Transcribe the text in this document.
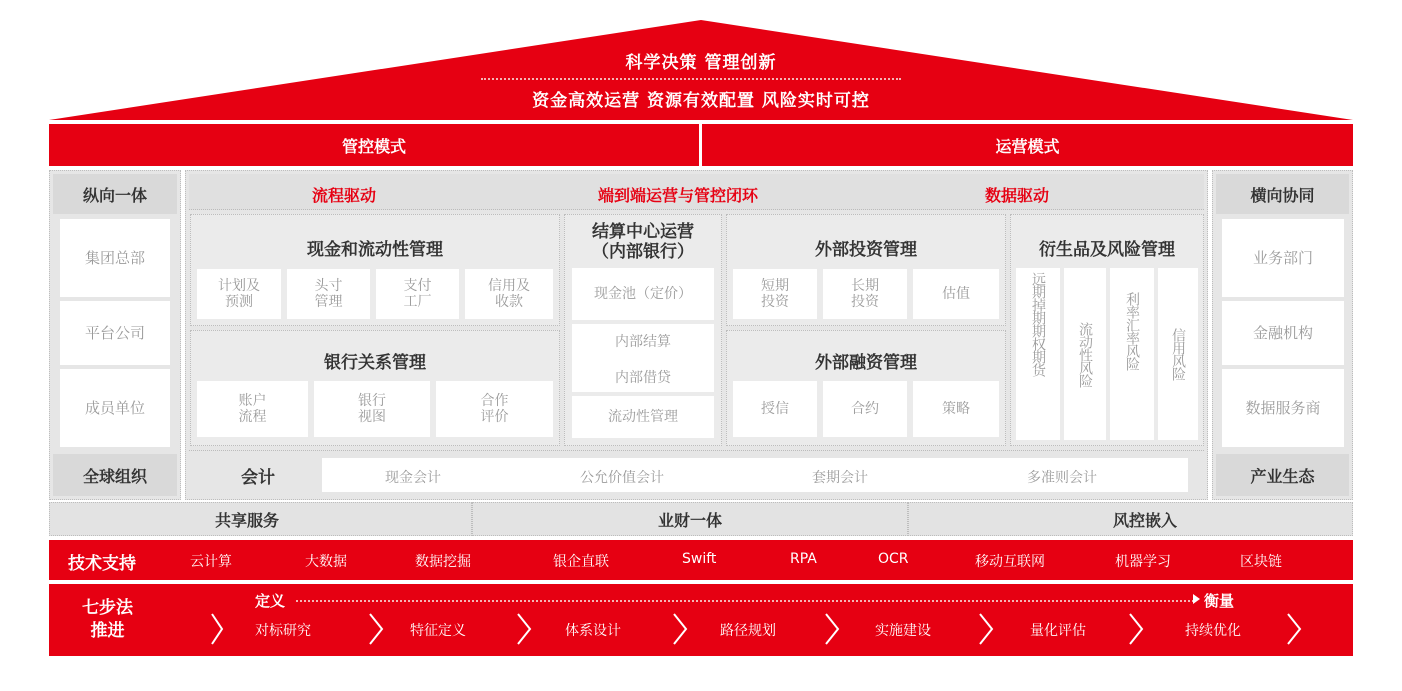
科学决策 管理创新
资金高效运营 资源有效配置 风险实时可控
管控模式	运营模式
纵向一体
集团总部
平台公司
成员单位
全球组织
横向协同
业务部门
金融机构
数据服务商
产业生态
流程驱动	端到端运营与管控闭环	数据驱动
现金和流动性管理
计划及
预测
头寸
管理
支付
工厂
信用及
收款
银行关系管理
账户
流程
银行
视图
合作
评价
结算中心运营
（内部银行）
现金池（定价）
内部结算
内部借贷
流动性管理
外部投资管理
短期
投资
长期
投资	估值
外部融资管理
授信	合约	策略
衍生品及风险管理
远期掉期期权期货 流动性风险 利率汇率风险 信用风险
会计	现金会计	公允价值会计	套期会计	多准则会计
共享服务	业财一体	风控嵌入
技术支持	云计算	大数据	数据挖掘	银企直联	Swift	RPA	OCR	移动互联网	机器学习	区块链
七步法
推进
定义	衡量
对标研究	特征定义	体系设计	路径规划	实施建设	量化评估	持续优化
